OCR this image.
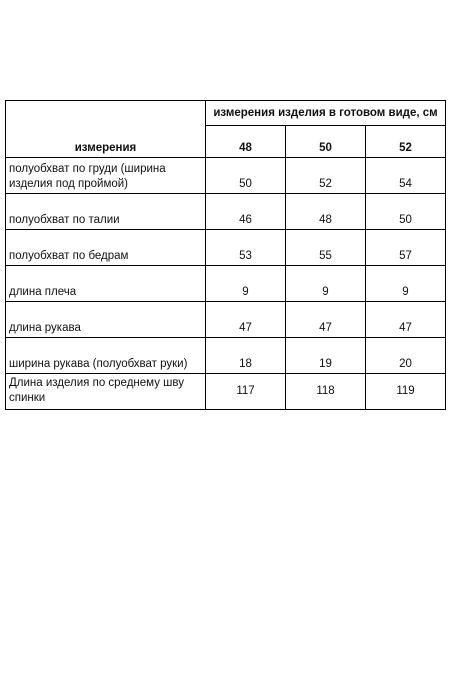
	измерения изделия в готовом виде, см		
измерения	48	50	52
полуобхват по груди (ширина изделия под проймой)	50	52	54
полуобхват по талии	46	48	50
полуобхват по бедрам	53	55	57
длина плеча	9	9	9
длина рукава	47	47	47
ширина рукава (полуобхват руки)	18	19	20
Длина изделия по среднему шву спинки	117	118	119
